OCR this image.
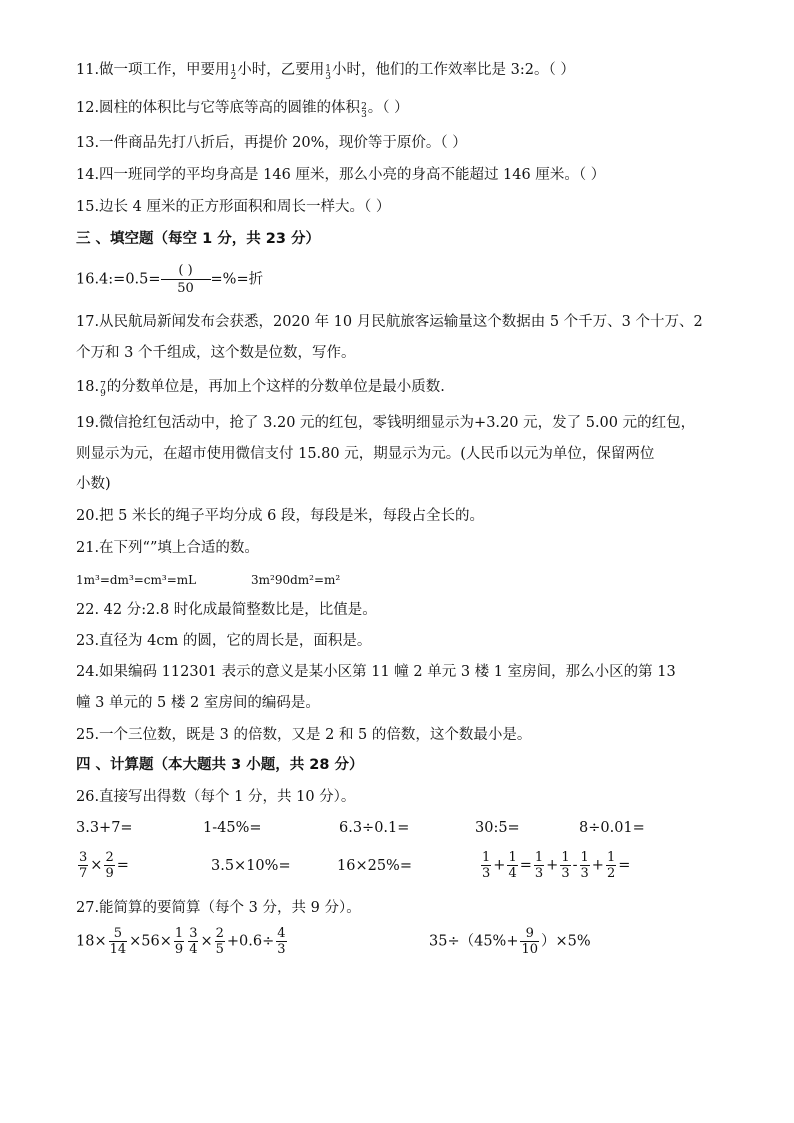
11.做一项工作，甲要用 1
2 小时，乙要用 1
3 小时，他们的工作效率比是 3:2。（ ）
12.圆柱的体积比与它等底等高的圆锥的体积 2
3 。（ ）
13.一件商品先打八折后，再提价 20%，现价等于原价。（ ）
14.四一班同学的平均身高是 146 厘米，那么小亮的身高不能超过 146 厘米。（ ）
15.边长 4 厘米的正方形面积和周长一样大。（ ）
三 、填空题（每空 1 分，共 23 分）
16.4:=0.5= $\frac{( )}{50}$ =%=折
17.从民航局新闻发布会获悉，2020 年 10 月民航旅客运输量这个数据由 5 个千万、3 个十万、2
个万和 3 个千组成，这个数是位数，写作。
18. 7
9 的分数单位是，再加上个这样的分数单位是最小质数.
19.微信抢红包活动中，抢了 3.20 元的红包，零钱明细显示为+3.20 元，发了 5.00 元的红包，
则显示为元，在超市使用微信支付 15.80 元，期显示为元。(人民币以元为单位，保留两位
小数)
20.把 5 米长的绳子平均分成 6 段，每段是米，每段占全长的。
21.在下列“”填上合适的数。
1m³=dm³=cm³=mL	3m²90dm²=m²
22. 42 分:2.8 时化成最简整数比是，比值是。
23.直径为 4cm 的圆，它的周长是，面积是。
24.如果编码 112301 表示的意义是某小区第 11 幢 2 单元 3 楼 1 室房间，那么小区的第 13
幢 3 单元的 5 楼 2 室房间的编码是。
25.一个三位数，既是 3 的倍数，又是 2 和 5 的倍数，这个数最小是。
四 、计算题（本大题共 3 小题，共 28 分）
26.直接写出得数（每个 1 分，共 10 分）。
3.3+7=	1-45%=	6.3÷0.1=	30:5=	8÷0.01=
$\frac{3}{7} \times \frac{2}{9}$ =	3.5×10%=	16×25%=	$\frac{1}{3} + \frac{1}{4} = \frac{1}{3} + \frac{1}{3} - \frac{1}{3} + \frac{1}{2}$ =
27.能简算的要简算（每个 3 分，共 9 分）。
$18\times \frac{5}{14} \times 56\times \frac{1}{9} \frac{3}{4} \times \frac{2}{5} +0.6\div \frac{4}{3}$	$35\div(45\%+ \frac{9}{10} )\times 5\%$
